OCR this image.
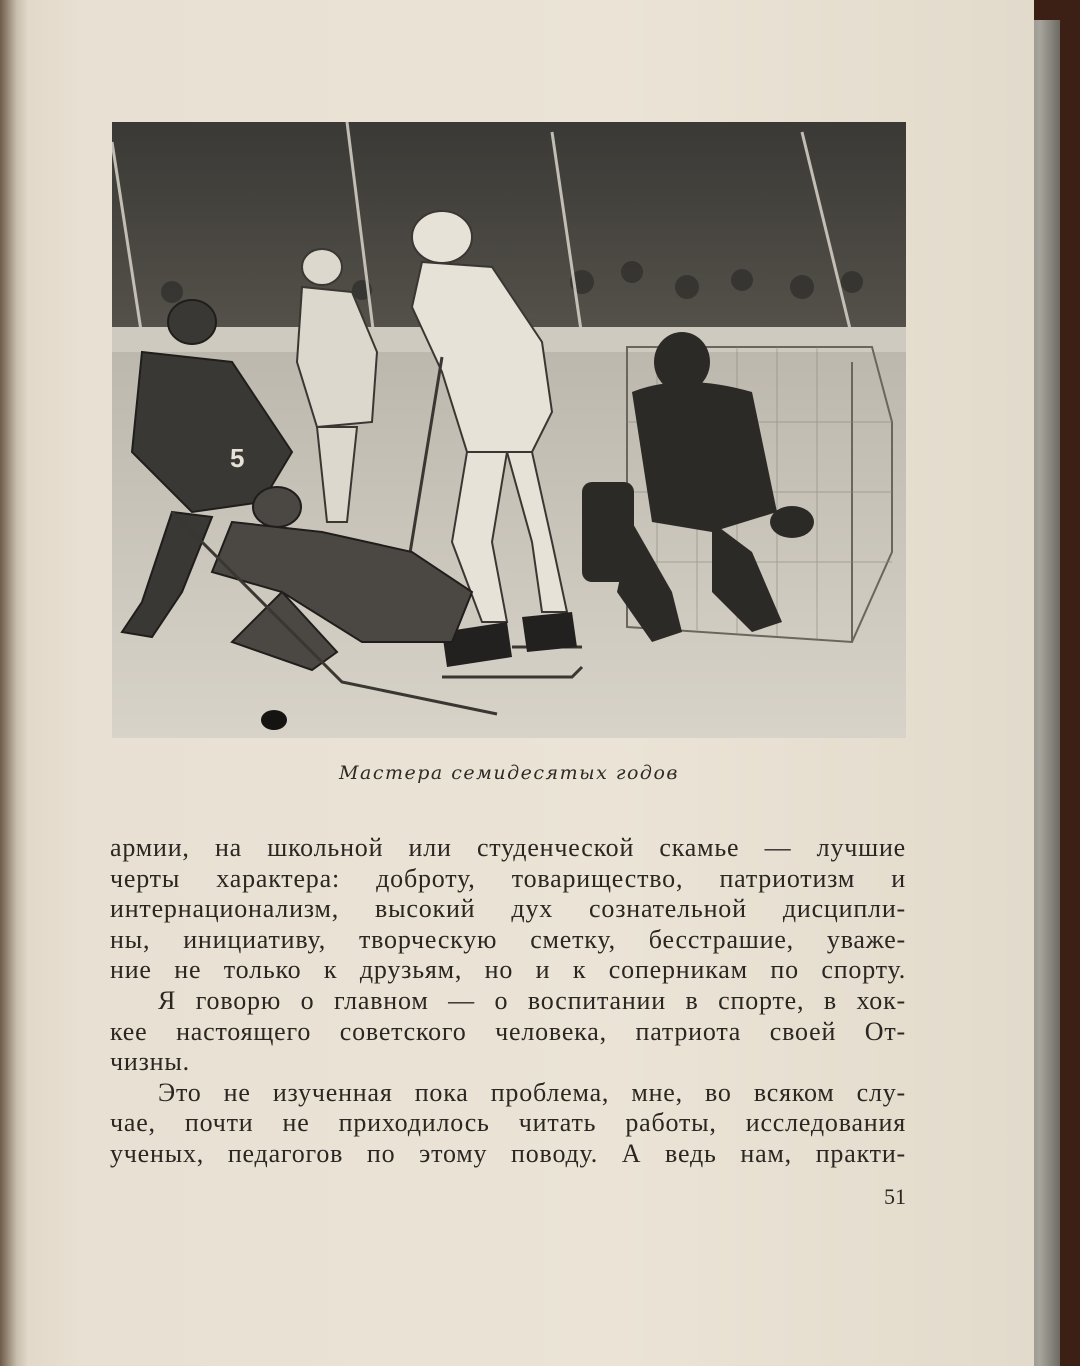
5
Мастера семидесятых годов
армии, на школьной или студенческой скамье — лучшие
черты характера: доброту, товарищество, патриотизм и
интернационализм, высокий дух сознательной дисципли-
ны, инициативу, творческую сметку, бесстрашие, уваже-
ние не только к друзьям, но и к соперникам по спорту.
Я говорю о главном — о воспитании в спорте, в хок-
кее настоящего советского человека, патриота своей От-
чизны.
Это не изученная пока проблема, мне, во всяком слу-
чае, почти не приходилось читать работы, исследования
ученых, педагогов по этому поводу. А ведь нам, практи-
51
